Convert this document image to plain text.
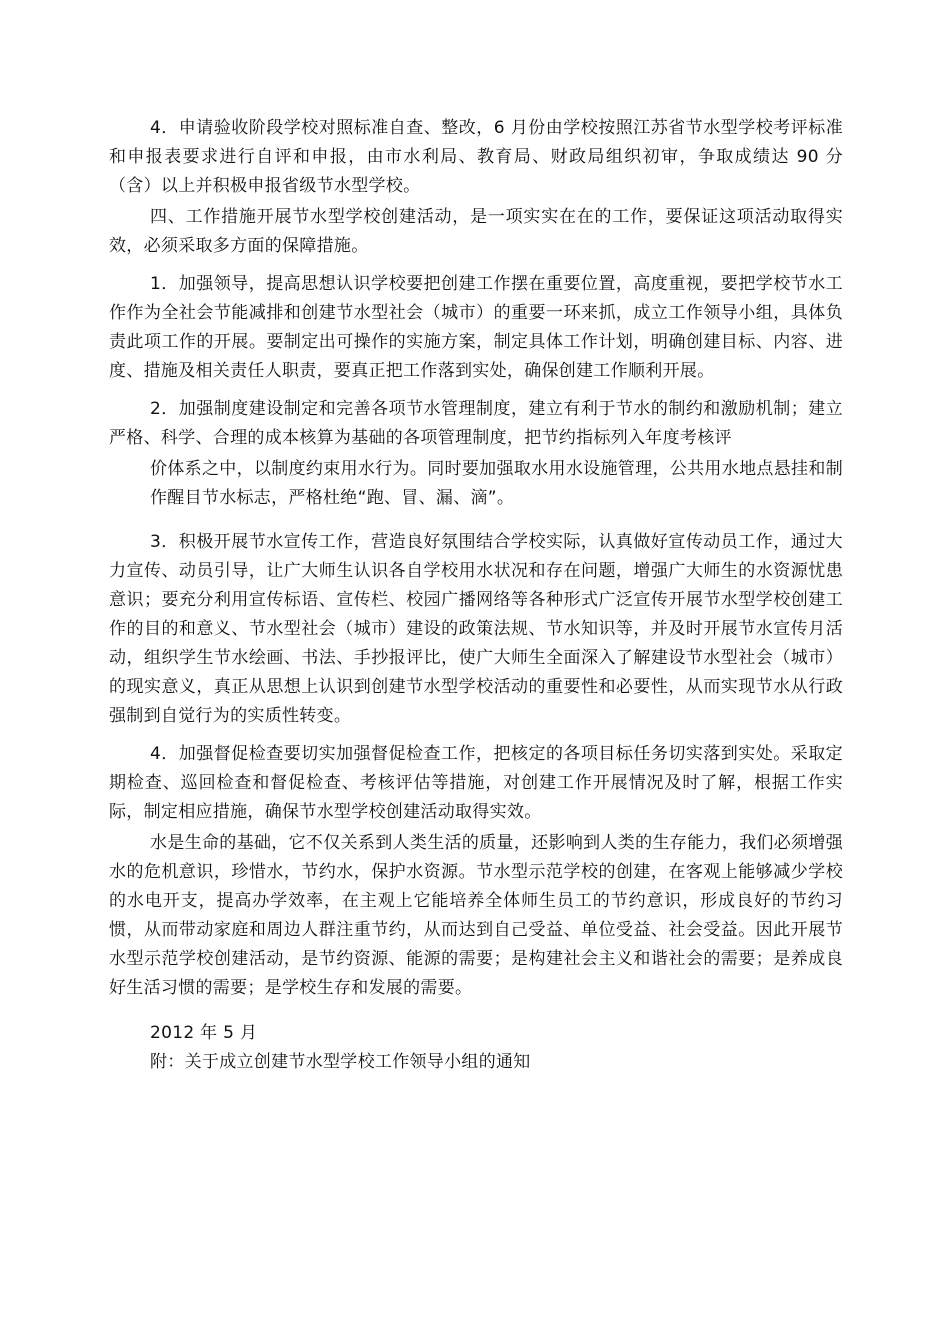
4．申请验收阶段学校对照标准自查、整改，6 月份由学校按照江苏省节水型学校考评标准和申报表要求进行自评和申报，由市水利局、教育局、财政局组织初审，争取成绩达 90 分（含）以上并积极申报省级节水型学校。

四、工作措施开展节水型学校创建活动，是一项实实在在的工作，要保证这项活动取得实效，必须采取多方面的保障措施。

1．加强领导，提高思想认识学校要把创建工作摆在重要位置，高度重视，要把学校节水工作作为全社会节能减排和创建节水型社会（城市）的重要一环来抓，成立工作领导小组，具体负责此项工作的开展。要制定出可操作的实施方案，制定具体工作计划，明确创建目标、内容、进度、措施及相关责任人职责，要真正把工作落到实处，确保创建工作顺利开展。

2．加强制度建设制定和完善各项节水管理制度，建立有利于节水的制约和激励机制；建立严格、科学、合理的成本核算为基础的各项管理制度，把节约指标列入年度考核评

价体系之中，以制度约束用水行为。同时要加强取水用水设施管理，公共用水地点悬挂和制作醒目节水标志，严格杜绝“跑、冒、漏、滴”。

3．积极开展节水宣传工作，营造良好氛围结合学校实际，认真做好宣传动员工作，通过大力宣传、动员引导，让广大师生认识各自学校用水状况和存在问题，增强广大师生的水资源忧患意识；要充分利用宣传标语、宣传栏、校园广播网络等各种形式广泛宣传开展节水型学校创建工作的目的和意义、节水型社会（城市）建设的政策法规、节水知识等，并及时开展节水宣传月活动，组织学生节水绘画、书法、手抄报评比，使广大师生全面深入了解建设节水型社会（城市）的现实意义，真正从思想上认识到创建节水型学校活动的重要性和必要性，从而实现节水从行政强制到自觉行为的实质性转变。

4．加强督促检查要切实加强督促检查工作，把核定的各项目标任务切实落到实处。采取定期检查、巡回检查和督促检查、考核评估等措施，对创建工作开展情况及时了解，根据工作实际，制定相应措施，确保节水型学校创建活动取得实效。

水是生命的基础，它不仅关系到人类生活的质量，还影响到人类的生存能力，我们必须增强水的危机意识，珍惜水，节约水，保护水资源。节水型示范学校的创建，在客观上能够减少学校的水电开支，提高办学效率，在主观上它能培养全体师生员工的节约意识，形成良好的节约习惯，从而带动家庭和周边人群注重节约，从而达到自己受益、单位受益、社会受益。因此开展节水型示范学校创建活动，是节约资源、能源的需要；是构建社会主义和谐社会的需要；是养成良好生活习惯的需要；是学校生存和发展的需要。

2012 年 5 月

附：关于成立创建节水型学校工作领导小组的通知
